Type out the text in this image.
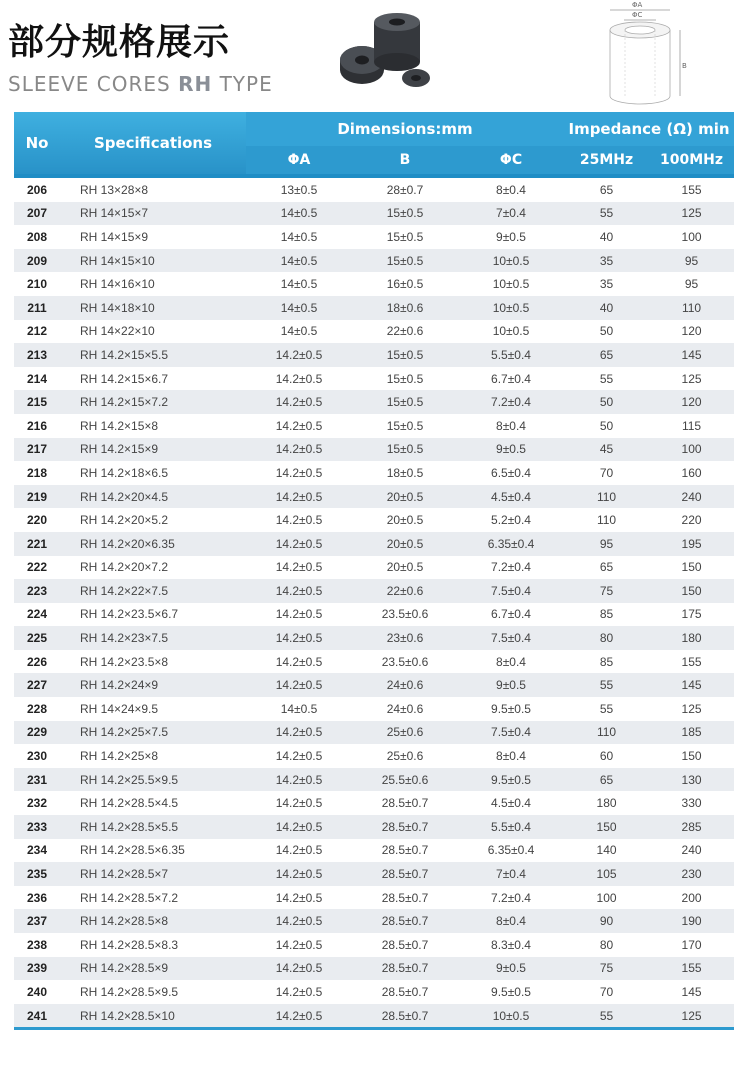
部分规格展示
SLEEVE CORES RH TYPE
ΦA
ΦC
B
No	Specifications	Dimensions:mm			Impedance (Ω) min	
		ΦA	B	ΦC	25MHz	100MHz

206	RH 13×28×8	13±0.5	28±0.7	8±0.4	65	155
207	RH 14×15×7	14±0.5	15±0.5	7±0.4	55	125
208	RH 14×15×9	14±0.5	15±0.5	9±0.5	40	100
209	RH 14×15×10	14±0.5	15±0.5	10±0.5	35	95
210	RH 14×16×10	14±0.5	16±0.5	10±0.5	35	95
211	RH 14×18×10	14±0.5	18±0.6	10±0.5	40	110
212	RH 14×22×10	14±0.5	22±0.6	10±0.5	50	120
213	RH 14.2×15×5.5	14.2±0.5	15±0.5	5.5±0.4	65	145
214	RH 14.2×15×6.7	14.2±0.5	15±0.5	6.7±0.4	55	125
215	RH 14.2×15×7.2	14.2±0.5	15±0.5	7.2±0.4	50	120
216	RH 14.2×15×8	14.2±0.5	15±0.5	8±0.4	50	115
217	RH 14.2×15×9	14.2±0.5	15±0.5	9±0.5	45	100
218	RH 14.2×18×6.5	14.2±0.5	18±0.5	6.5±0.4	70	160
219	RH 14.2×20×4.5	14.2±0.5	20±0.5	4.5±0.4	110	240
220	RH 14.2×20×5.2	14.2±0.5	20±0.5	5.2±0.4	110	220
221	RH 14.2×20×6.35	14.2±0.5	20±0.5	6.35±0.4	95	195
222	RH 14.2×20×7.2	14.2±0.5	20±0.5	7.2±0.4	65	150
223	RH 14.2×22×7.5	14.2±0.5	22±0.6	7.5±0.4	75	150
224	RH 14.2×23.5×6.7	14.2±0.5	23.5±0.6	6.7±0.4	85	175
225	RH 14.2×23×7.5	14.2±0.5	23±0.6	7.5±0.4	80	180
226	RH 14.2×23.5×8	14.2±0.5	23.5±0.6	8±0.4	85	155
227	RH 14.2×24×9	14.2±0.5	24±0.6	9±0.5	55	145
228	RH 14×24×9.5	14±0.5	24±0.6	9.5±0.5	55	125
229	RH 14.2×25×7.5	14.2±0.5	25±0.6	7.5±0.4	110	185
230	RH 14.2×25×8	14.2±0.5	25±0.6	8±0.4	60	150
231	RH 14.2×25.5×9.5	14.2±0.5	25.5±0.6	9.5±0.5	65	130
232	RH 14.2×28.5×4.5	14.2±0.5	28.5±0.7	4.5±0.4	180	330
233	RH 14.2×28.5×5.5	14.2±0.5	28.5±0.7	5.5±0.4	150	285
234	RH 14.2×28.5×6.35	14.2±0.5	28.5±0.7	6.35±0.4	140	240
235	RH 14.2×28.5×7	14.2±0.5	28.5±0.7	7±0.4	105	230
236	RH 14.2×28.5×7.2	14.2±0.5	28.5±0.7	7.2±0.4	100	200
237	RH 14.2×28.5×8	14.2±0.5	28.5±0.7	8±0.4	90	190
238	RH 14.2×28.5×8.3	14.2±0.5	28.5±0.7	8.3±0.4	80	170
239	RH 14.2×28.5×9	14.2±0.5	28.5±0.7	9±0.5	75	155
240	RH 14.2×28.5×9.5	14.2±0.5	28.5±0.7	9.5±0.5	70	145
241	RH 14.2×28.5×10	14.2±0.5	28.5±0.7	10±0.5	55	125
